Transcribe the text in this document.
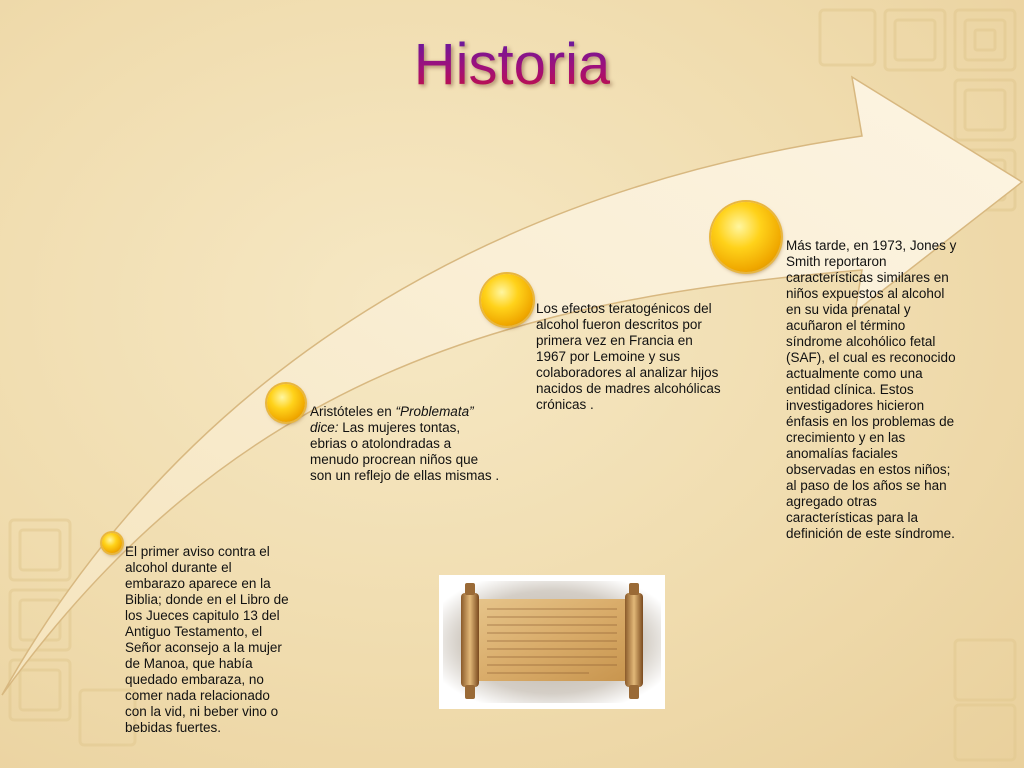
Historia

El primer aviso contra el alcohol durante el embarazo aparece en la Biblia; donde en el Libro de los Jueces capitulo 13 del Antiguo Testamento, el Señor aconsejo a la mujer de Manoa, que había quedado embaraza, no comer nada relacionado con la vid, ni beber vino o bebidas fuertes.

Aristóteles en “Problemata” dice: Las mujeres tontas, ebrias o atolondradas a menudo procrean niños que son un reflejo de ellas mismas .

Los efectos teratogénicos del alcohol fueron descritos por primera vez en Francia en 1967 por Lemoine y sus colaboradores al analizar hijos nacidos de madres alcohólicas crónicas .

Más tarde, en 1973, Jones y Smith reportaron características similares en niños expuestos al alcohol en su vida prenatal y acuñaron el término síndrome alcohólico fetal (SAF), el cual es reconocido actualmente como una entidad clínica. Estos investigadores hicieron énfasis en los problemas de crecimiento y en las anomalías faciales observadas en estos niños; al paso de los años se han agregado otras características para la definición de este síndrome.
